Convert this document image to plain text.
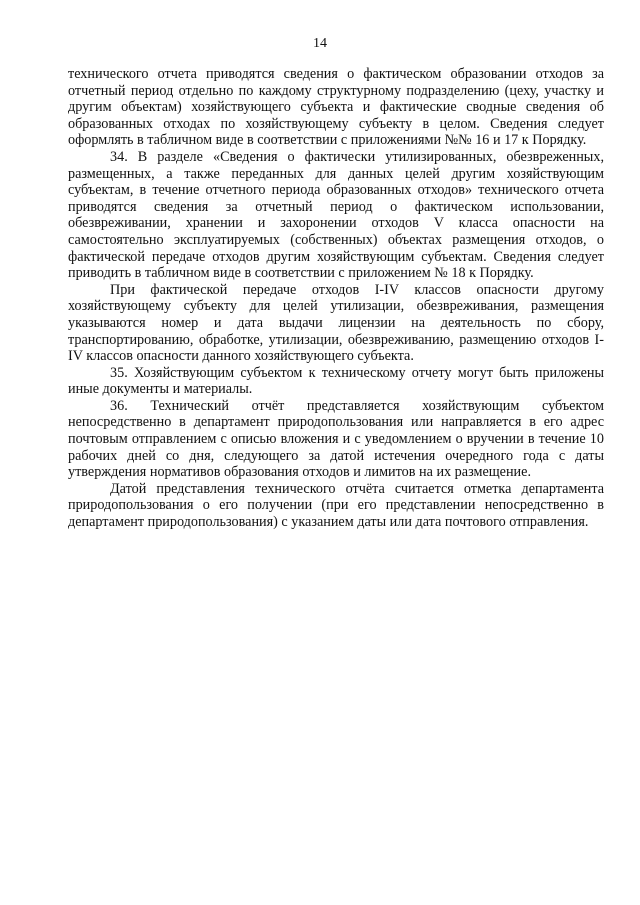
14

технического отчета приводятся сведения о фактическом образовании отходов за отчетный период отдельно по каждому структурному подразделению (цеху, участку и другим объектам) хозяйствующего субъекта и фактические сводные сведения об образованных отходах по хозяйствующему субъекту в целом. Сведения следует оформлять в табличном виде в соответствии с приложениями №№ 16 и 17 к Порядку.

34. В разделе «Сведения о фактически утилизированных, обезвреженных, размещенных, а также переданных для данных целей другим хозяйствующим субъектам, в течение отчетного периода образованных отходов» технического отчета приводятся сведения за отчетный период о фактическом использовании, обезвреживании, хранении и захоронении отходов V класса опасности на самостоятельно эксплуатируемых (собственных) объектах размещения отходов, о фактической передаче отходов другим хозяйствующим субъектам. Сведения следует приводить в табличном виде в соответствии с приложением № 18 к Порядку.

При фактической передаче отходов I-IV классов опасности другому хозяйствующему субъекту для целей утилизации, обезвреживания, размещения указываются номер и дата выдачи лицензии на деятельность по сбору, транспортированию, обработке, утилизации, обезвреживанию, размещению отходов I-IV классов опасности данного хозяйствующего субъекта.

35. Хозяйствующим субъектом к техническому отчету могут быть приложены иные документы и материалы.

36. Технический отчёт представляется хозяйствующим субъектом непосредственно в департамент природопользования или направляется в его адрес почтовым отправлением с описью вложения и с уведомлением о вручении в течение 10 рабочих дней со дня, следующего за датой истечения очередного года с даты утверждения нормативов образования отходов и лимитов на их размещение.

Датой представления технического отчёта считается отметка департамента природопользования о его получении (при его представлении непосредственно в департамент природопользования) с указанием даты или дата почтового отправления.
